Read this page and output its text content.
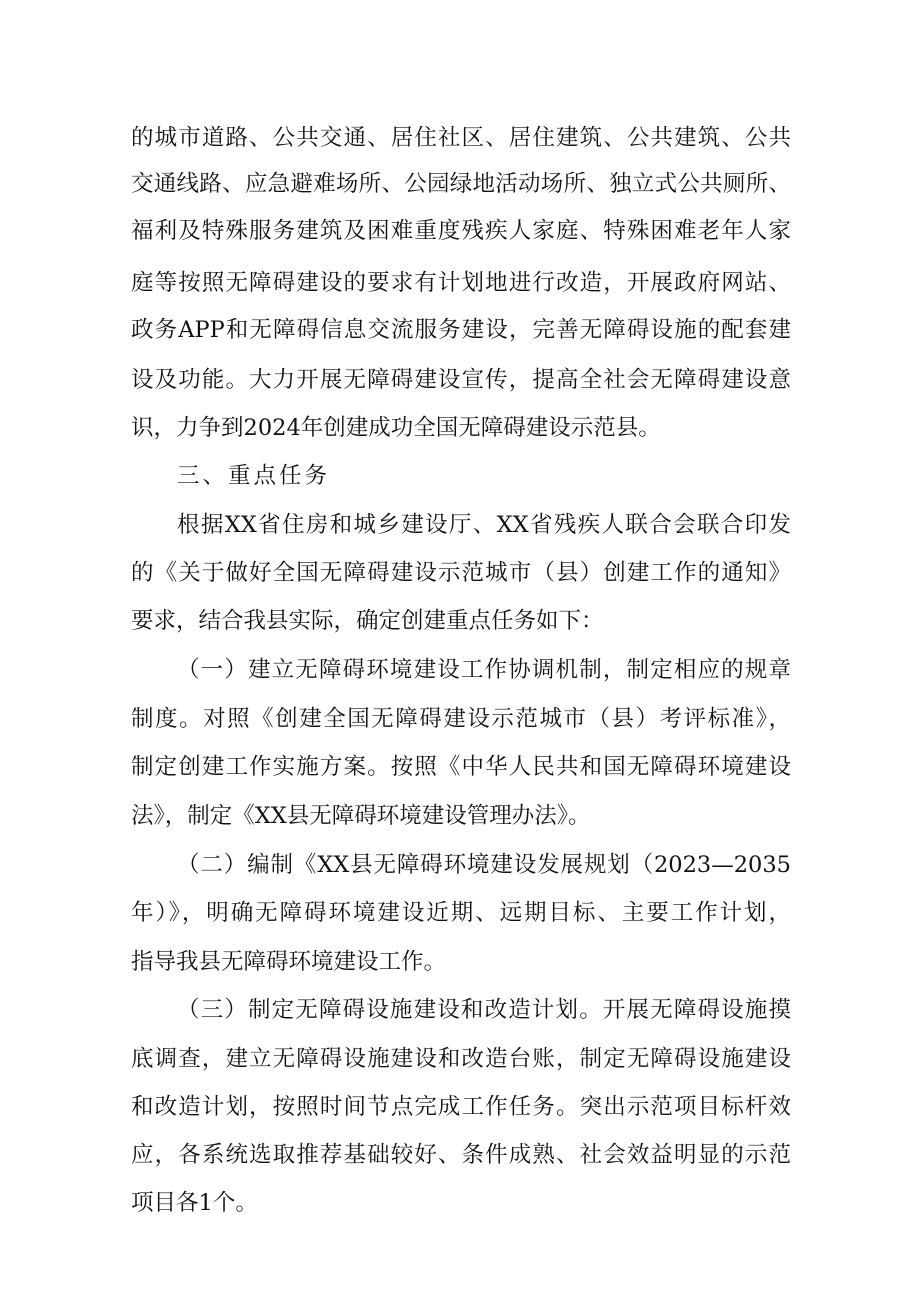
的城市道路、公共交通、居住社区、居住建筑、公共建筑、公共
交通线路、应急避难场所、公园绿地活动场所、独立式公共厕所、
福利及特殊服务建筑及困难重度残疾人家庭、特殊困难老年人家
庭等按照无障碍建设的要求有计划地进行改造，开展政府网站、
政务APP和无障碍信息交流服务建设，完善无障碍设施的配套建
设及功能。大力开展无障碍建设宣传，提高全社会无障碍建设意
识，力争到2024年创建成功全国无障碍建设示范县。
三、重点任务
根据XX省住房和城乡建设厅、XX省残疾人联合会联合印发
的《关于做好全国无障碍建设示范城市（县）创建工作的通知》
要求，结合我县实际，确定创建重点任务如下：
（一）建立无障碍环境建设工作协调机制，制定相应的规章
制度。对照《创建全国无障碍建设示范城市（县）考评标准》，
制定创建工作实施方案。按照《中华人民共和国无障碍环境建设
法》，制定《XX县无障碍环境建设管理办法》。
（二）编制《XX县无障碍环境建设发展规划（2023—2035
年）》，明确无障碍环境建设近期、远期目标、主要工作计划，
指导我县无障碍环境建设工作。
（三）制定无障碍设施建设和改造计划。开展无障碍设施摸
底调查，建立无障碍设施建设和改造台账，制定无障碍设施建设
和改造计划，按照时间节点完成工作任务。突出示范项目标杆效
应，各系统选取推荐基础较好、条件成熟、社会效益明显的示范
项目各1个。
